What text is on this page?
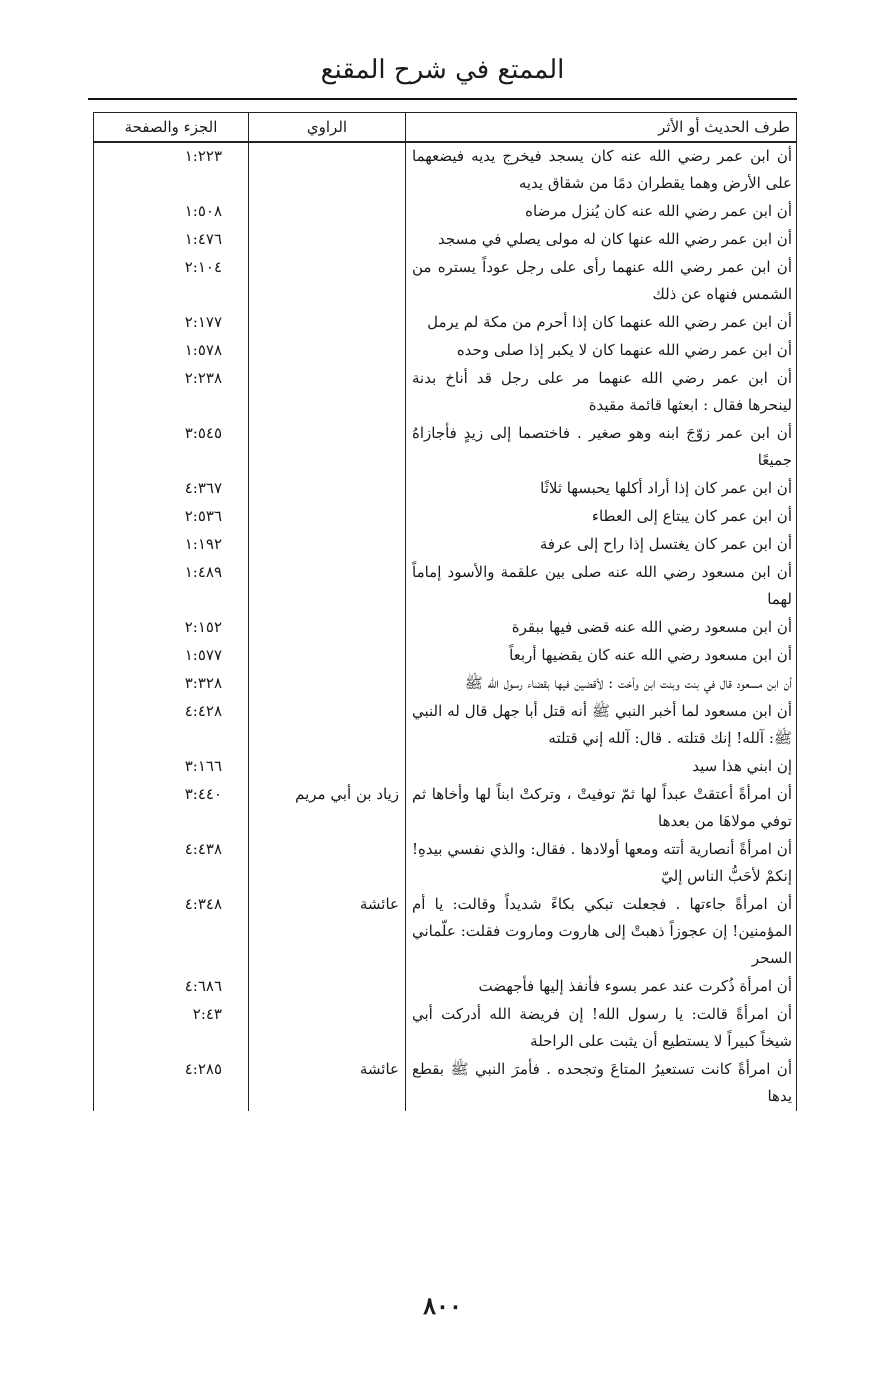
الممتع في شرح المقنع
طرف الحديث أو الأثر	الراوي	الجزء والصفحة
أن ابن عمر رضي الله عنه كان يسجد فيخرج يديه فيضعهما على الأرض وهما يقطران دمًا من شقاق يديه		١:٢٢٣
أن ابن عمر رضي الله عنه كان يُنزل مرضاه		١:٥٠٨
أن ابن عمر رضي الله عنها كان له مولى يصلي في مسجد		١:٤٧٦
أن ابن عمر رضي الله عنهما رأى على رجل عوداً يستره من الشمس فنهاه عن ذلك		٢:١٠٤
أن ابن عمر رضي الله عنهما كان إذا أحرم من مكة لم يرمل		٢:١٧٧
أن ابن عمر رضي الله عنهما كان لا يكبر إذا صلى وحده		١:٥٧٨
أن ابن عمر رضي الله عنهما مر على رجل قد أناخ بدنة لينحرها فقال : ابعثها قائمة مقيدة		٢:٢٣٨
أن ابن عمر زوّجَ ابنه وهو صغير . فاختصما إلى زيدٍ فأجازاهُ جميعًا		٣:٥٤٥
أن ابن عمر كان إذا أراد أكلها يحبسها ثلاثًا		٤:٣٦٧
أن ابن عمر كان يبتاع إلى العطاء		٢:٥٣٦
أن ابن عمر كان يغتسل إذا راح إلى عرفة		١:١٩٢
أن ابن مسعود رضي الله عنه صلى بين علقمة والأسود إماماً لهما		١:٤٨٩
أن ابن مسعود رضي الله عنه قضى فيها ببقرة		٢:١٥٢
أن ابن مسعود رضي الله عنه كان يقضيها أربعاً		١:٥٧٧
أن ابن مسعود قال في بنت وبنت ابن وأخت : لأقضين فيها بقضاء رسول الله ﷺ		٣:٣٢٨
أن ابن مسعود لما أخبر النبي ﷺ أنه قتل أبا جهل قال له النبي ﷺ: آلله! إنك قتلته . قال: آلله إني قتلته		٤:٤٢٨
إن ابني هذا سيد		٣:١٦٦
أن امرأةً أعتقتْ عبداً لها ثمّ توفيتْ ، وتركتْ ابناً لها وأخاها ثم توفي مولاهَا من بعدها	زياد بن أبي مريم	٣:٤٤٠
أن امرأةً أنصارية أتته ومعها أولادها . فقال: والذي نفسي بيدهِ! إنكمْ لأحَبُّ الناس إليّ		٤:٤٣٨
أن امرأةً جاءتها . فجعلت تبكي بكاءً شديداً وقالت: يا أم المؤمنين! إن عجوزاً ذهبتْ إلى هاروت وماروت فقلت: علّماني السحر	عائشة	٤:٣٤٨
أن امرأة ذُكرت عند عمر بسوء فأنفذ إليها فأجهضت		٤:٦٨٦
أن امرأةً قالت: يا رسول الله! إن فريضة الله أدركت أبي شيخاً كبيراً لا يستطيع أن يثبت على الراحلة		٢:٤٣
أن امرأةً كانت تستعيرُ المتاعَ وتجحده . فأمرَ النبي ﷺ بقطع يدها	عائشة	٤:٢٨٥
٨٠٠
